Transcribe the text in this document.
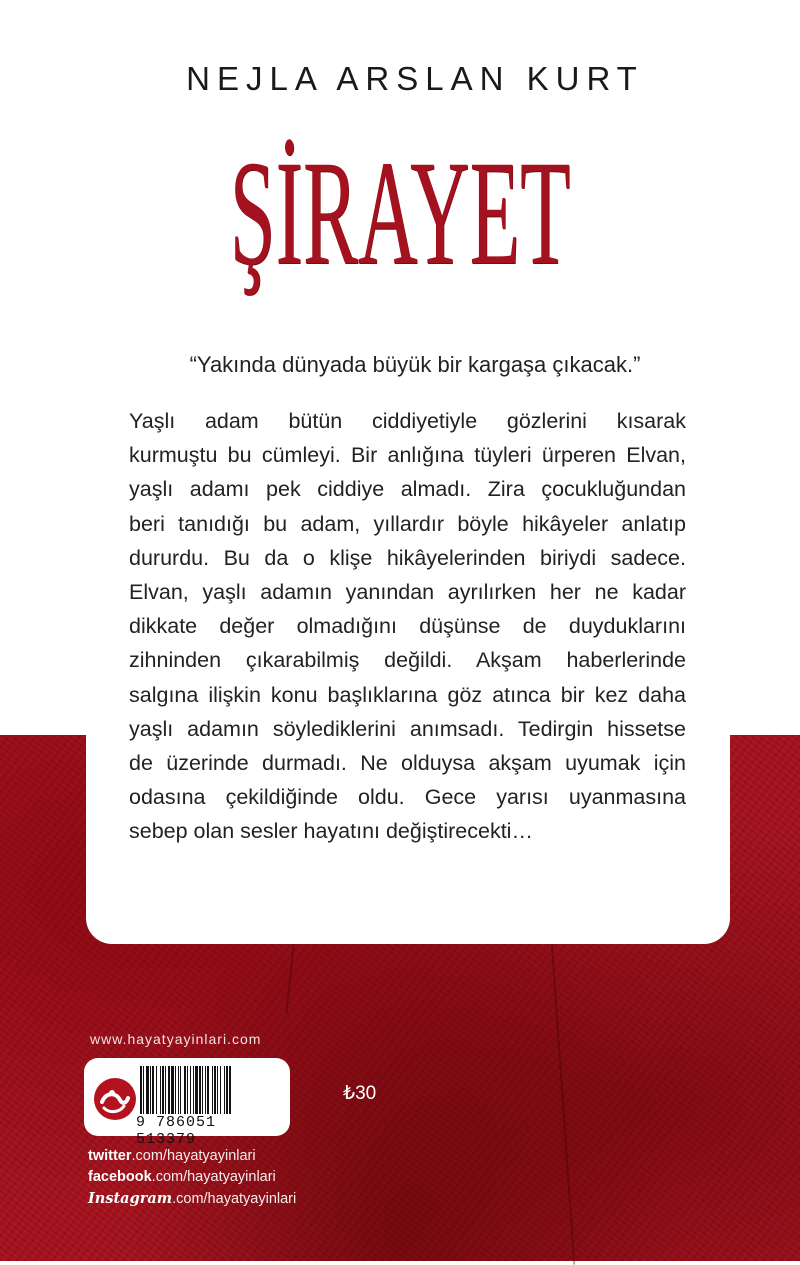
NEJLA ARSLAN KURT
ŞİRAYET
“Yakında dünyada büyük bir kargaşa çıkacak.”
Yaşlı adam bütün ciddiyetiyle gözlerini kısarak
kurmuştu bu cümleyi. Bir anlığına tüyleri ürperen Elvan,
yaşlı adamı pek ciddiye almadı. Zira çocukluğundan
beri tanıdığı bu adam, yıllardır böyle hikâyeler anlatıp
dururdu. Bu da o klişe hikâyelerinden biriydi sadece.
Elvan, yaşlı adamın yanından ayrılırken her ne kadar
dikkate değer olmadığını düşünse de duyduklarını
zihninden çıkarabilmiş değildi. Akşam haberlerinde
salgına ilişkin konu başlıklarına göz atınca bir kez daha
yaşlı adamın söylediklerini anımsadı. Tedirgin hissetse
de üzerinde durmadı. Ne olduysa akşam uyumak için
odasına çekildiğinde oldu. Gece yarısı uyanmasına
sebep olan sesler hayatını değiştirecekti…
www.hayatyayinlari.com
9 786051 513379
₺30
twitter.com/hayatyayinlari
facebook.com/hayatyayinlari
Instagram.com/hayatyayinlari
